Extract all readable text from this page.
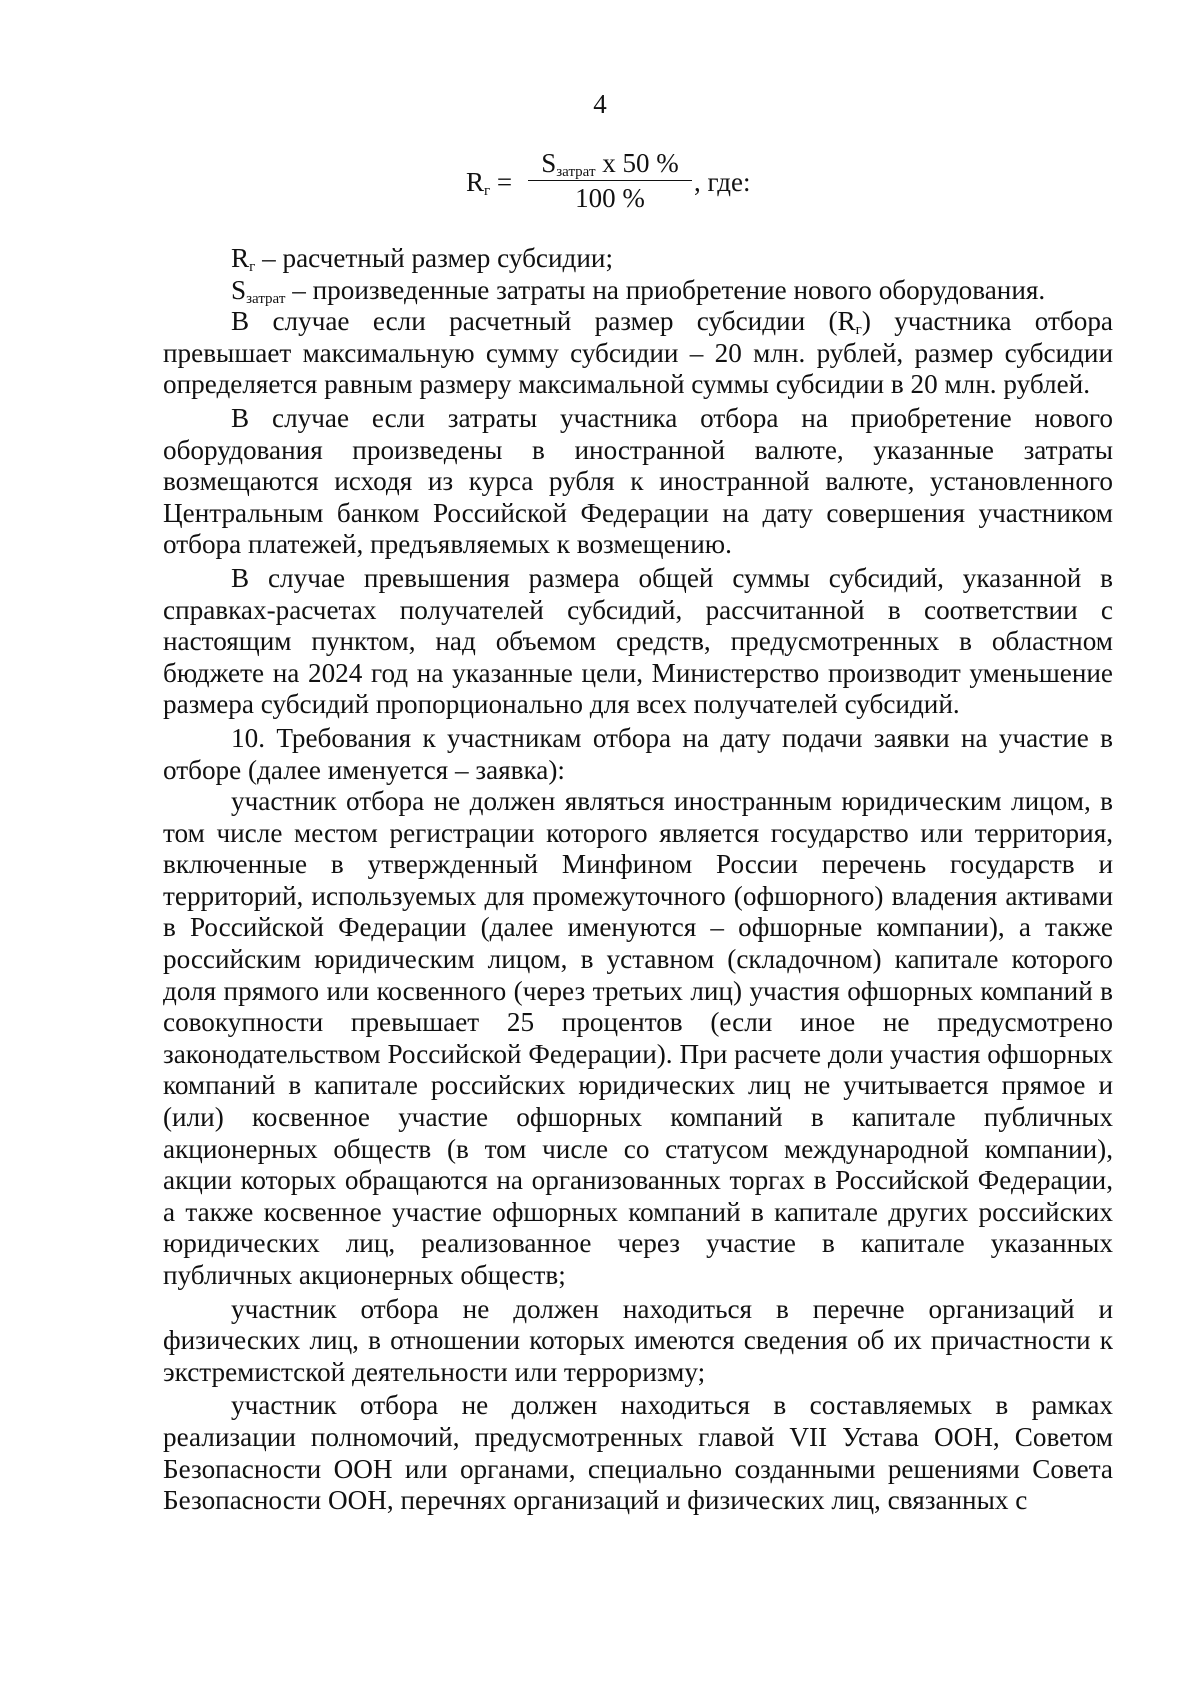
4
$R_г$ =
$S_{затрат}$ х 50 %
100 %
, где:

$R_г$ – расчетный размер субсидии;

$S_{затрат}$ – произведенные затраты на приобретение нового оборудования.

В случае если расчетный размер субсидии $(R_г)$ участника отбора превышает максимальную сумму субсидии – 20 млн. рублей, размер субсидии определяется равным размеру максимальной суммы субсидии в 20 млн. рублей.

В случае если затраты участника отбора на приобретение нового оборудования произведены в иностранной валюте, указанные затраты возмещаются исходя из курса рубля к иностранной валюте, установленного Центральным банком Российской Федерации на дату совершения участником отбора платежей, предъявляемых к возмещению.

В случае превышения размера общей суммы субсидий, указанной в справках-расчетах получателей субсидий, рассчитанной в соответствии с настоящим пунктом, над объемом средств, предусмотренных в областном бюджете на 2024 год на указанные цели, Министерство производит уменьшение размера субсидий пропорционально для всех получателей субсидий.

10. Требования к участникам отбора на дату подачи заявки на участие в отборе (далее именуется – заявка):

участник отбора не должен являться иностранным юридическим лицом, в том числе местом регистрации которого является государство или территория, включенные в утвержденный Минфином России перечень государств и территорий, используемых для промежуточного (офшорного) владения активами в Российской Федерации (далее именуются – офшорные компании), а также российским юридическим лицом, в уставном (складочном) капитале которого доля прямого или косвенного (через третьих лиц) участия офшорных компаний в совокупности превышает 25 процентов (если иное не предусмотрено законодательством Российской Федерации). При расчете доли участия офшорных компаний в капитале российских юридических лиц не учитывается прямое и (или) косвенное участие офшорных компаний в капитале публичных акционерных обществ (в том числе со статусом международной компании), акции которых обращаются на организованных торгах в Российской Федерации, а также косвенное участие офшорных компаний в капитале других российских юридических лиц, реализованное через участие в капитале указанных публичных акционерных обществ;

участник отбора не должен находиться в перечне организаций и физических лиц, в отношении которых имеются сведения об их причастности к экстремистской деятельности или терроризму;

участник отбора не должен находиться в составляемых в рамках реализации полномочий, предусмотренных главой VII Устава ООН, Советом Безопасности ООН или органами, специально созданными решениями Совета Безопасности ООН, перечнях организаций и физических лиц, связанных с
